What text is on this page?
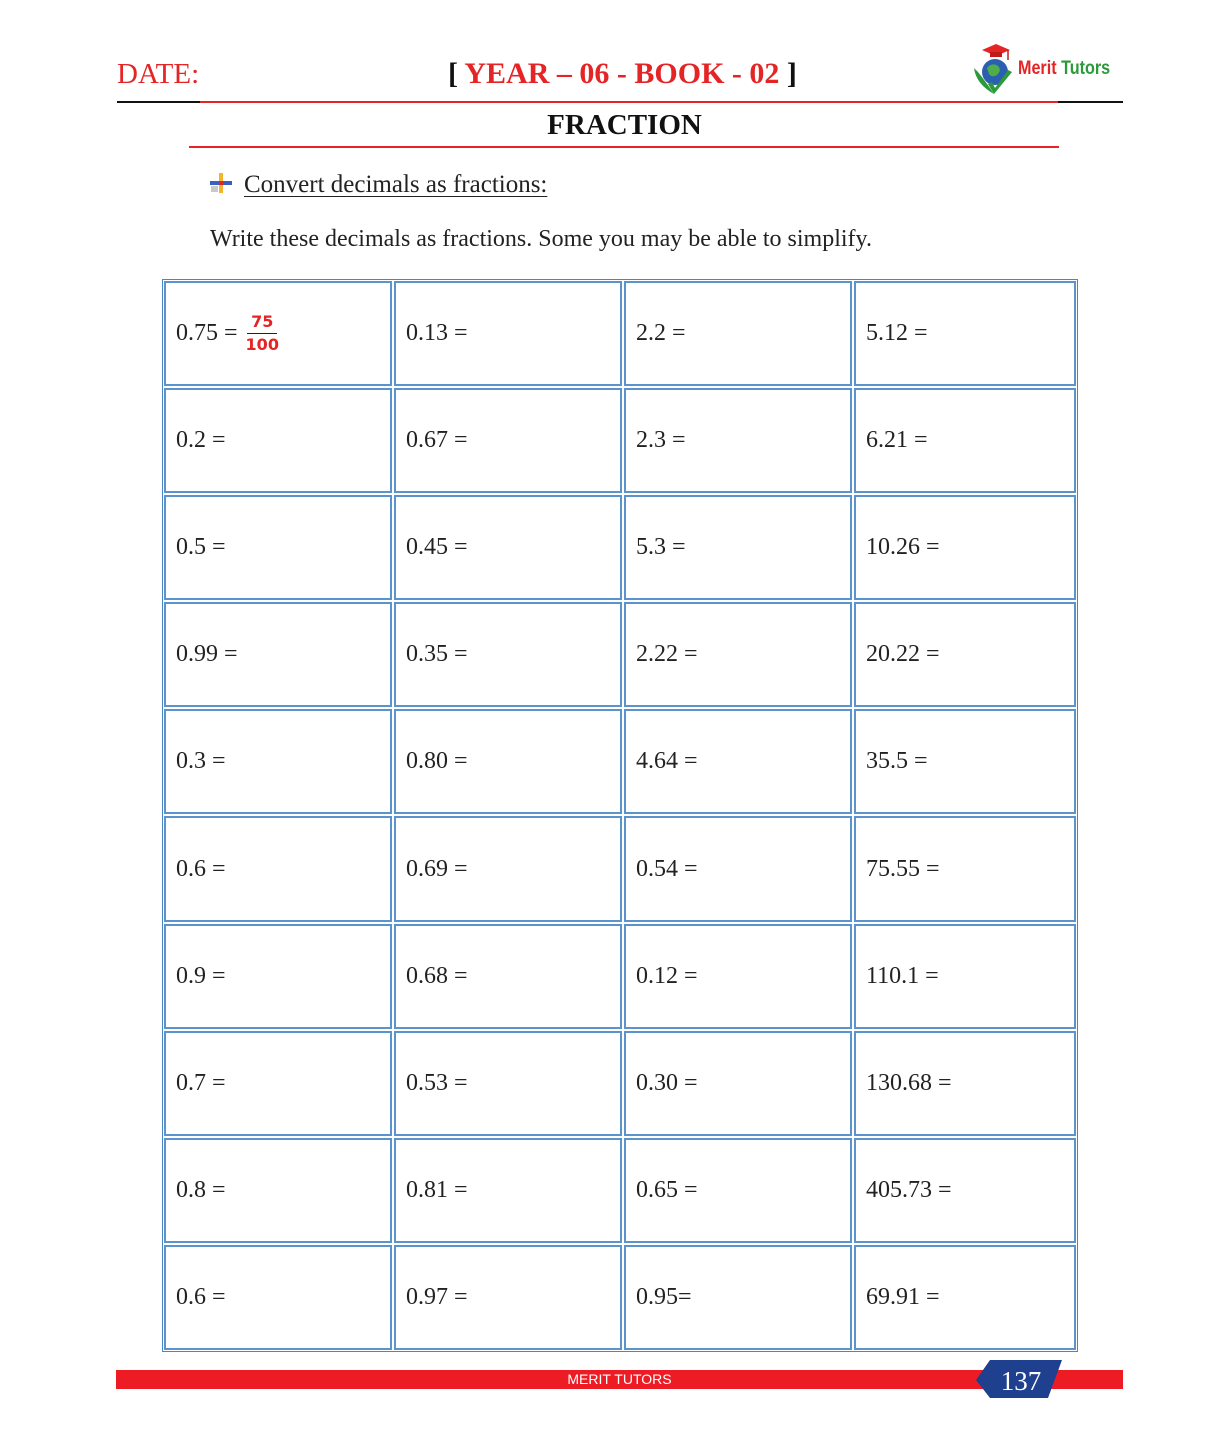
DATE:	[ YEAR – 06 - BOOK - 02 ]	Merit Tutors
FRACTION
Convert decimals as fractions:
Write these decimals as fractions. Some you may be able to simplify.
$0.75 = \frac{75}{100}$	0.13 =	2.2 =	5.12 =
0.2 =	0.67 =	2.3 =	6.21 =
0.5 =	0.45 =	5.3 =	10.26 =
0.99 =	0.35 =	2.22 =	20.22 =
0.3 =	0.80 =	4.64 =	35.5 =
0.6 =	0.69 =	0.54 =	75.55 =
0.9 =	0.68 =	0.12 =	110.1 =
0.7 =	0.53 =	0.30 =	130.68 =
0.8 =	0.81 =	0.65 =	405.73 =
0.6 =	0.97 =	0.95=	69.91 =
MERIT TUTORS	137
